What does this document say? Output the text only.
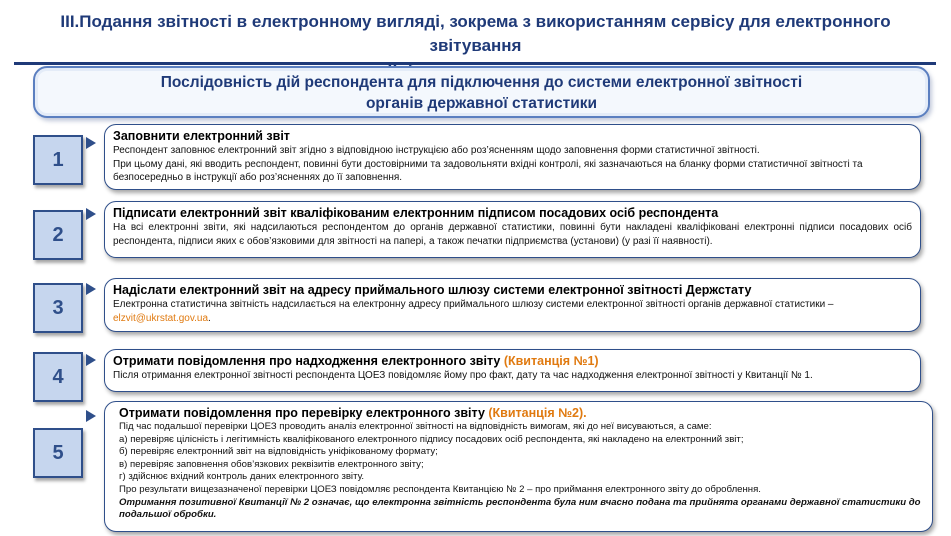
III.Подання звітності в електронному вигляді, зокрема з використанням сервісу для електронного звітування
Послідовність дій респондента для підключення до системи електронної звітності
органів державної статистики
1
Заповнити електронний звіт

Респондент заповнює електронний звіт згідно з відповідною інструкцією або роз’ясненням щодо заповнення форми статистичної звітності.

При цьому дані, які вводить респондент, повинні бути достовірними та задовольняти вхідні контролі, які зазначаються на бланку форми статистичної звітності та безпосередньо в інструкції або роз’ясненнях до її заповнення.

2
Підписати електронний звіт кваліфікованим електронним підписом посадових осіб респондента

На всі електронні звіти, які надсилаються респондентом до органів державної статистики, повинні бути накладені кваліфіковані електронні підписи посадових осіб респондента, підписи яких є обов’язковими для звітності на папері, а також печатки підприємства (установи) (у разі її наявності).

3
Надіслати електронний звіт на адресу приймального шлюзу системи електронної звітності Держстату

Електронна статистична звітність надсилається на електронну адресу приймального шлюзу системи електронної звітності органів державної статистики –
elzvit@ukrstat.gov.ua.

4
Отримати повідомлення про надходження електронного звіту (Квитанція №1)

Після отримання електронної звітності респондента ЦОЕЗ повідомляє йому про факт, дату та час надходження електронної звітності у Квитанції № 1.

5
Отримати повідомлення про перевірку електронного звіту (Квитанція №2).

Під час подальшої перевірки ЦОЕЗ проводить аналіз електронної звітності на відповідність вимогам, які до неї висуваються, а саме:

а) перевіряє цілісність і легітимність кваліфікованого електронного підпису посадових осіб респондента, які накладено на електронний звіт;

б) перевіряє електронний звіт на відповідність уніфікованому формату;

в) перевіряє заповнення обов’язкових реквізитів електронного звіту;

г) здійснює вхідний контроль даних електронного звіту.

Про результати вищезазначеної перевірки ЦОЕЗ повідомляє респондента Квитанцією № 2 – про приймання електронного звіту до оброблення.

Отримання позитивної Квитанції № 2 означає, що електронна звітність респондента була ним вчасно подана та прийнята органами державної статистики до подальшої обробки.
